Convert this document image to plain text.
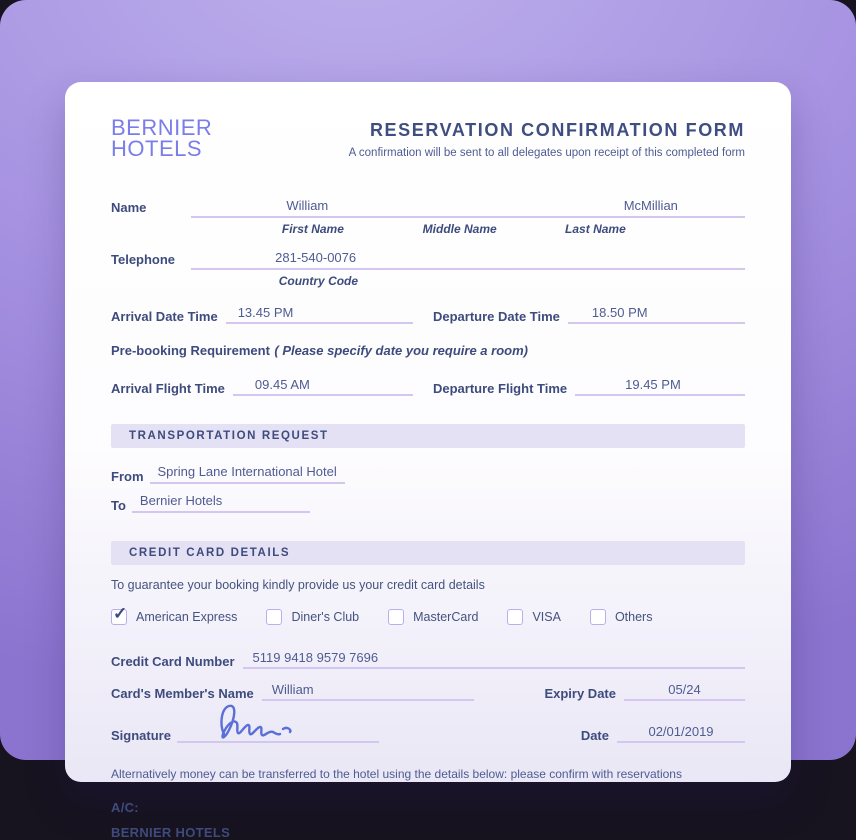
BERNIER
HOTELS
RESERVATION CONFIRMATION FORM
A confirmation will be sent to all delegates upon receipt of this completed form
Name	William	McMillian
First Name	Middle Name	Last Name
Telephone	281-540-0076
Country Code
Arrival Date Time 13.45 PM	Departure Date Time 18.50 PM
Pre-booking Requirement ( Please specify date you require a room)
Arrival Flight Time 09.45 AM	Departure Flight Time	19.45 PM
TRANSPORTATION REQUEST
From	Spring Lane International Hotel
To	Bernier Hotels
CREDIT CARD DETAILS
To guarantee your booking kindly provide us your credit card details
✓ American Express	Diner's Club	MasterCard	VISA	Others
Credit Card Number 5119 9418 9579 7696
Card's Member's Name William	Expiry Date	05/24
Signature	Date	02/01/2019
Alternatively money can be transferred to the hotel using the details below: please confirm with reservations
A/C:
BERNIER HOTELS
